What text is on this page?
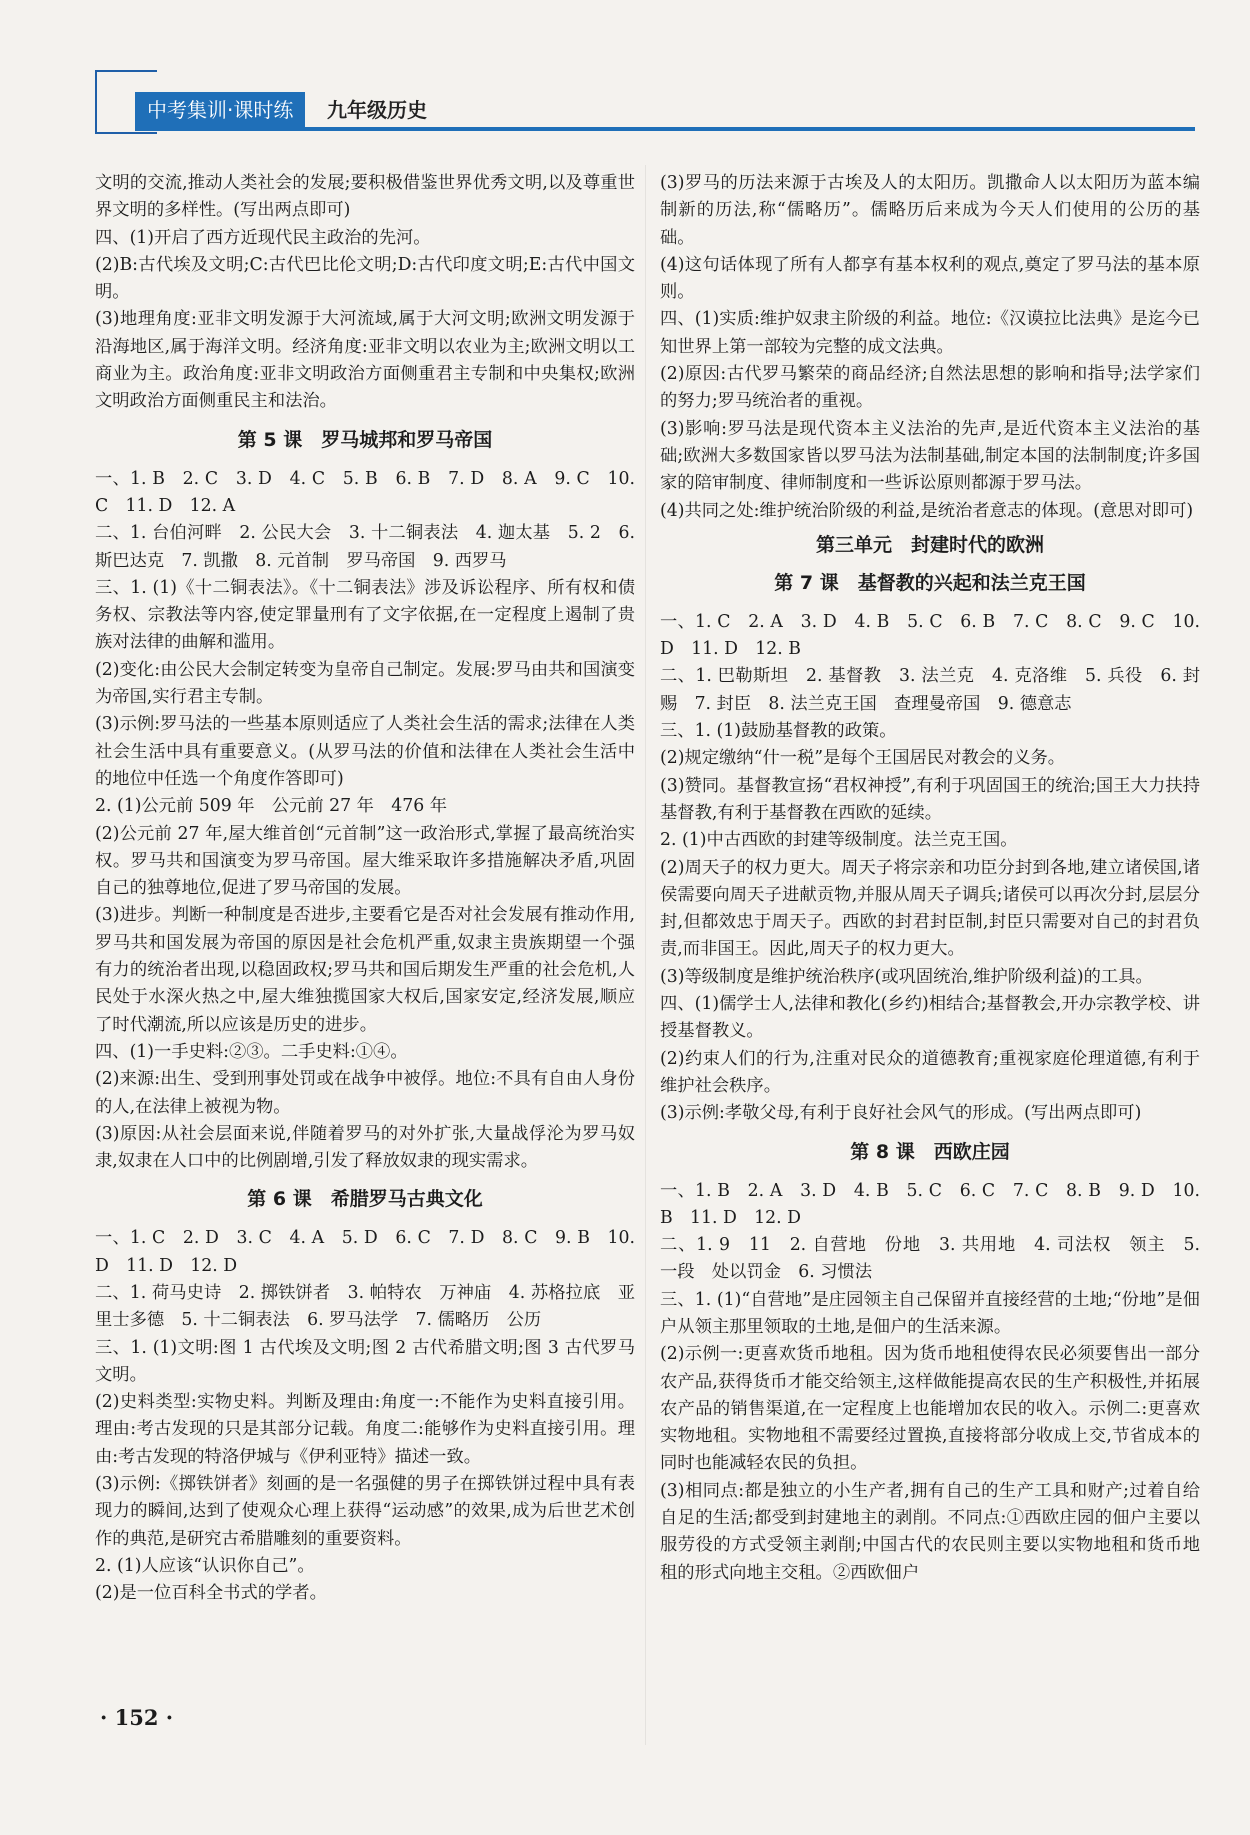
中考集训·课时练	九年级历史

文明的交流,推动人类社会的发展;要积极借鉴世界优秀文明,以及尊重世界文明的多样性。(写出两点即可)

四、(1)开启了西方近现代民主政治的先河。

(2)B:古代埃及文明;C:古代巴比伦文明;D:古代印度文明;E:古代中国文明。

(3)地理角度:亚非文明发源于大河流域,属于大河文明;欧洲文明发源于沿海地区,属于海洋文明。经济角度:亚非文明以农业为主;欧洲文明以工商业为主。政治角度:亚非文明政治方面侧重君主专制和中央集权;欧洲文明政治方面侧重民主和法治。

第 5 课　罗马城邦和罗马帝国

一、1. B　2. C　3. D　4. C　5. B　6. B　7. D　8. A　9. C　10. C　11. D　12. A

二、1. 台伯河畔　2. 公民大会　3. 十二铜表法　4. 迦太基　5. 2　6. 斯巴达克　7. 凯撒　8. 元首制　罗马帝国　9. 西罗马

三、1. (1)《十二铜表法》。《十二铜表法》涉及诉讼程序、所有权和债务权、宗教法等内容,使定罪量刑有了文字依据,在一定程度上遏制了贵族对法律的曲解和滥用。

(2)变化:由公民大会制定转变为皇帝自己制定。发展:罗马由共和国演变为帝国,实行君主专制。

(3)示例:罗马法的一些基本原则适应了人类社会生活的需求;法律在人类社会生活中具有重要意义。(从罗马法的价值和法律在人类社会生活中的地位中任选一个角度作答即可)

2. (1)公元前 509 年　公元前 27 年　476 年

(2)公元前 27 年,屋大维首创“元首制”这一政治形式,掌握了最高统治实权。罗马共和国演变为罗马帝国。屋大维采取许多措施解决矛盾,巩固自己的独尊地位,促进了罗马帝国的发展。

(3)进步。判断一种制度是否进步,主要看它是否对社会发展有推动作用,罗马共和国发展为帝国的原因是社会危机严重,奴隶主贵族期望一个强有力的统治者出现,以稳固政权;罗马共和国后期发生严重的社会危机,人民处于水深火热之中,屋大维独揽国家大权后,国家安定,经济发展,顺应了时代潮流,所以应该是历史的进步。

四、(1)一手史料:②③。二手史料:①④。

(2)来源:出生、受到刑事处罚或在战争中被俘。地位:不具有自由人身份的人,在法律上被视为物。

(3)原因:从社会层面来说,伴随着罗马的对外扩张,大量战俘沦为罗马奴隶,奴隶在人口中的比例剧增,引发了释放奴隶的现实需求。

第 6 课　希腊罗马古典文化

一、1. C　2. D　3. C　4. A　5. D　6. C　7. D　8. C　9. B　10. D　11. D　12. D

二、1. 荷马史诗　2. 掷铁饼者　3. 帕特农　万神庙　4. 苏格拉底　亚里士多德　5. 十二铜表法　6. 罗马法学　7. 儒略历　公历

三、1. (1)文明:图 1 古代埃及文明;图 2 古代希腊文明;图 3 古代罗马文明。

(2)史料类型:实物史料。判断及理由:角度一:不能作为史料直接引用。理由:考古发现的只是其部分记载。角度二:能够作为史料直接引用。理由:考古发现的特洛伊城与《伊利亚特》描述一致。

(3)示例:《掷铁饼者》刻画的是一名强健的男子在掷铁饼过程中具有表现力的瞬间,达到了使观众心理上获得“运动感”的效果,成为后世艺术创作的典范,是研究古希腊雕刻的重要资料。

2. (1)人应该“认识你自己”。

(2)是一位百科全书式的学者。

(3)罗马的历法来源于古埃及人的太阳历。凯撒命人以太阳历为蓝本编制新的历法,称“儒略历”。儒略历后来成为今天人们使用的公历的基础。

(4)这句话体现了所有人都享有基本权利的观点,奠定了罗马法的基本原则。

四、(1)实质:维护奴隶主阶级的利益。地位:《汉谟拉比法典》是迄今已知世界上第一部较为完整的成文法典。

(2)原因:古代罗马繁荣的商品经济;自然法思想的影响和指导;法学家们的努力;罗马统治者的重视。

(3)影响:罗马法是现代资本主义法治的先声,是近代资本主义法治的基础;欧洲大多数国家皆以罗马法为法制基础,制定本国的法制制度;许多国家的陪审制度、律师制度和一些诉讼原则都源于罗马法。

(4)共同之处:维护统治阶级的利益,是统治者意志的体现。(意思对即可)

第三单元　封建时代的欧洲
第 7 课　基督教的兴起和法兰克王国

一、1. C　2. A　3. D　4. B　5. C　6. B　7. C　8. C　9. C　10. D　11. D　12. B

二、1. 巴勒斯坦　2. 基督教　3. 法兰克　4. 克洛维　5. 兵役　6. 封赐　7. 封臣　8. 法兰克王国　查理曼帝国　9. 德意志

三、1. (1)鼓励基督教的政策。

(2)规定缴纳“什一税”是每个王国居民对教会的义务。

(3)赞同。基督教宣扬“君权神授”,有利于巩固国王的统治;国王大力扶持基督教,有利于基督教在西欧的延续。

2. (1)中古西欧的封建等级制度。法兰克王国。

(2)周天子的权力更大。周天子将宗亲和功臣分封到各地,建立诸侯国,诸侯需要向周天子进献贡物,并服从周天子调兵;诸侯可以再次分封,层层分封,但都效忠于周天子。西欧的封君封臣制,封臣只需要对自己的封君负责,而非国王。因此,周天子的权力更大。

(3)等级制度是维护统治秩序(或巩固统治,维护阶级利益)的工具。

四、(1)儒学士人,法律和教化(乡约)相结合;基督教会,开办宗教学校、讲授基督教义。

(2)约束人们的行为,注重对民众的道德教育;重视家庭伦理道德,有利于维护社会秩序。

(3)示例:孝敬父母,有利于良好社会风气的形成。(写出两点即可)

第 8 课　西欧庄园

一、1. B　2. A　3. D　4. B　5. C　6. C　7. C　8. B　9. D　10. B　11. D　12. D

二、1. 9　11　2. 自营地　份地　3. 共用地　4. 司法权　领主　5. 一段　处以罚金　6. 习惯法

三、1. (1)“自营地”是庄园领主自己保留并直接经营的土地;“份地”是佃户从领主那里领取的土地,是佃户的生活来源。

(2)示例一:更喜欢货币地租。因为货币地租使得农民必须要售出一部分农产品,获得货币才能交给领主,这样做能提高农民的生产积极性,并拓展农产品的销售渠道,在一定程度上也能增加农民的收入。示例二:更喜欢实物地租。实物地租不需要经过置换,直接将部分收成上交,节省成本的同时也能减轻农民的负担。

(3)相同点:都是独立的小生产者,拥有自己的生产工具和财产;过着自给自足的生活;都受到封建地主的剥削。不同点:①西欧庄园的佃户主要以服劳役的方式受领主剥削;中国古代的农民则主要以实物地租和货币地租的形式向地主交租。②西欧佃户

· 152 ·
